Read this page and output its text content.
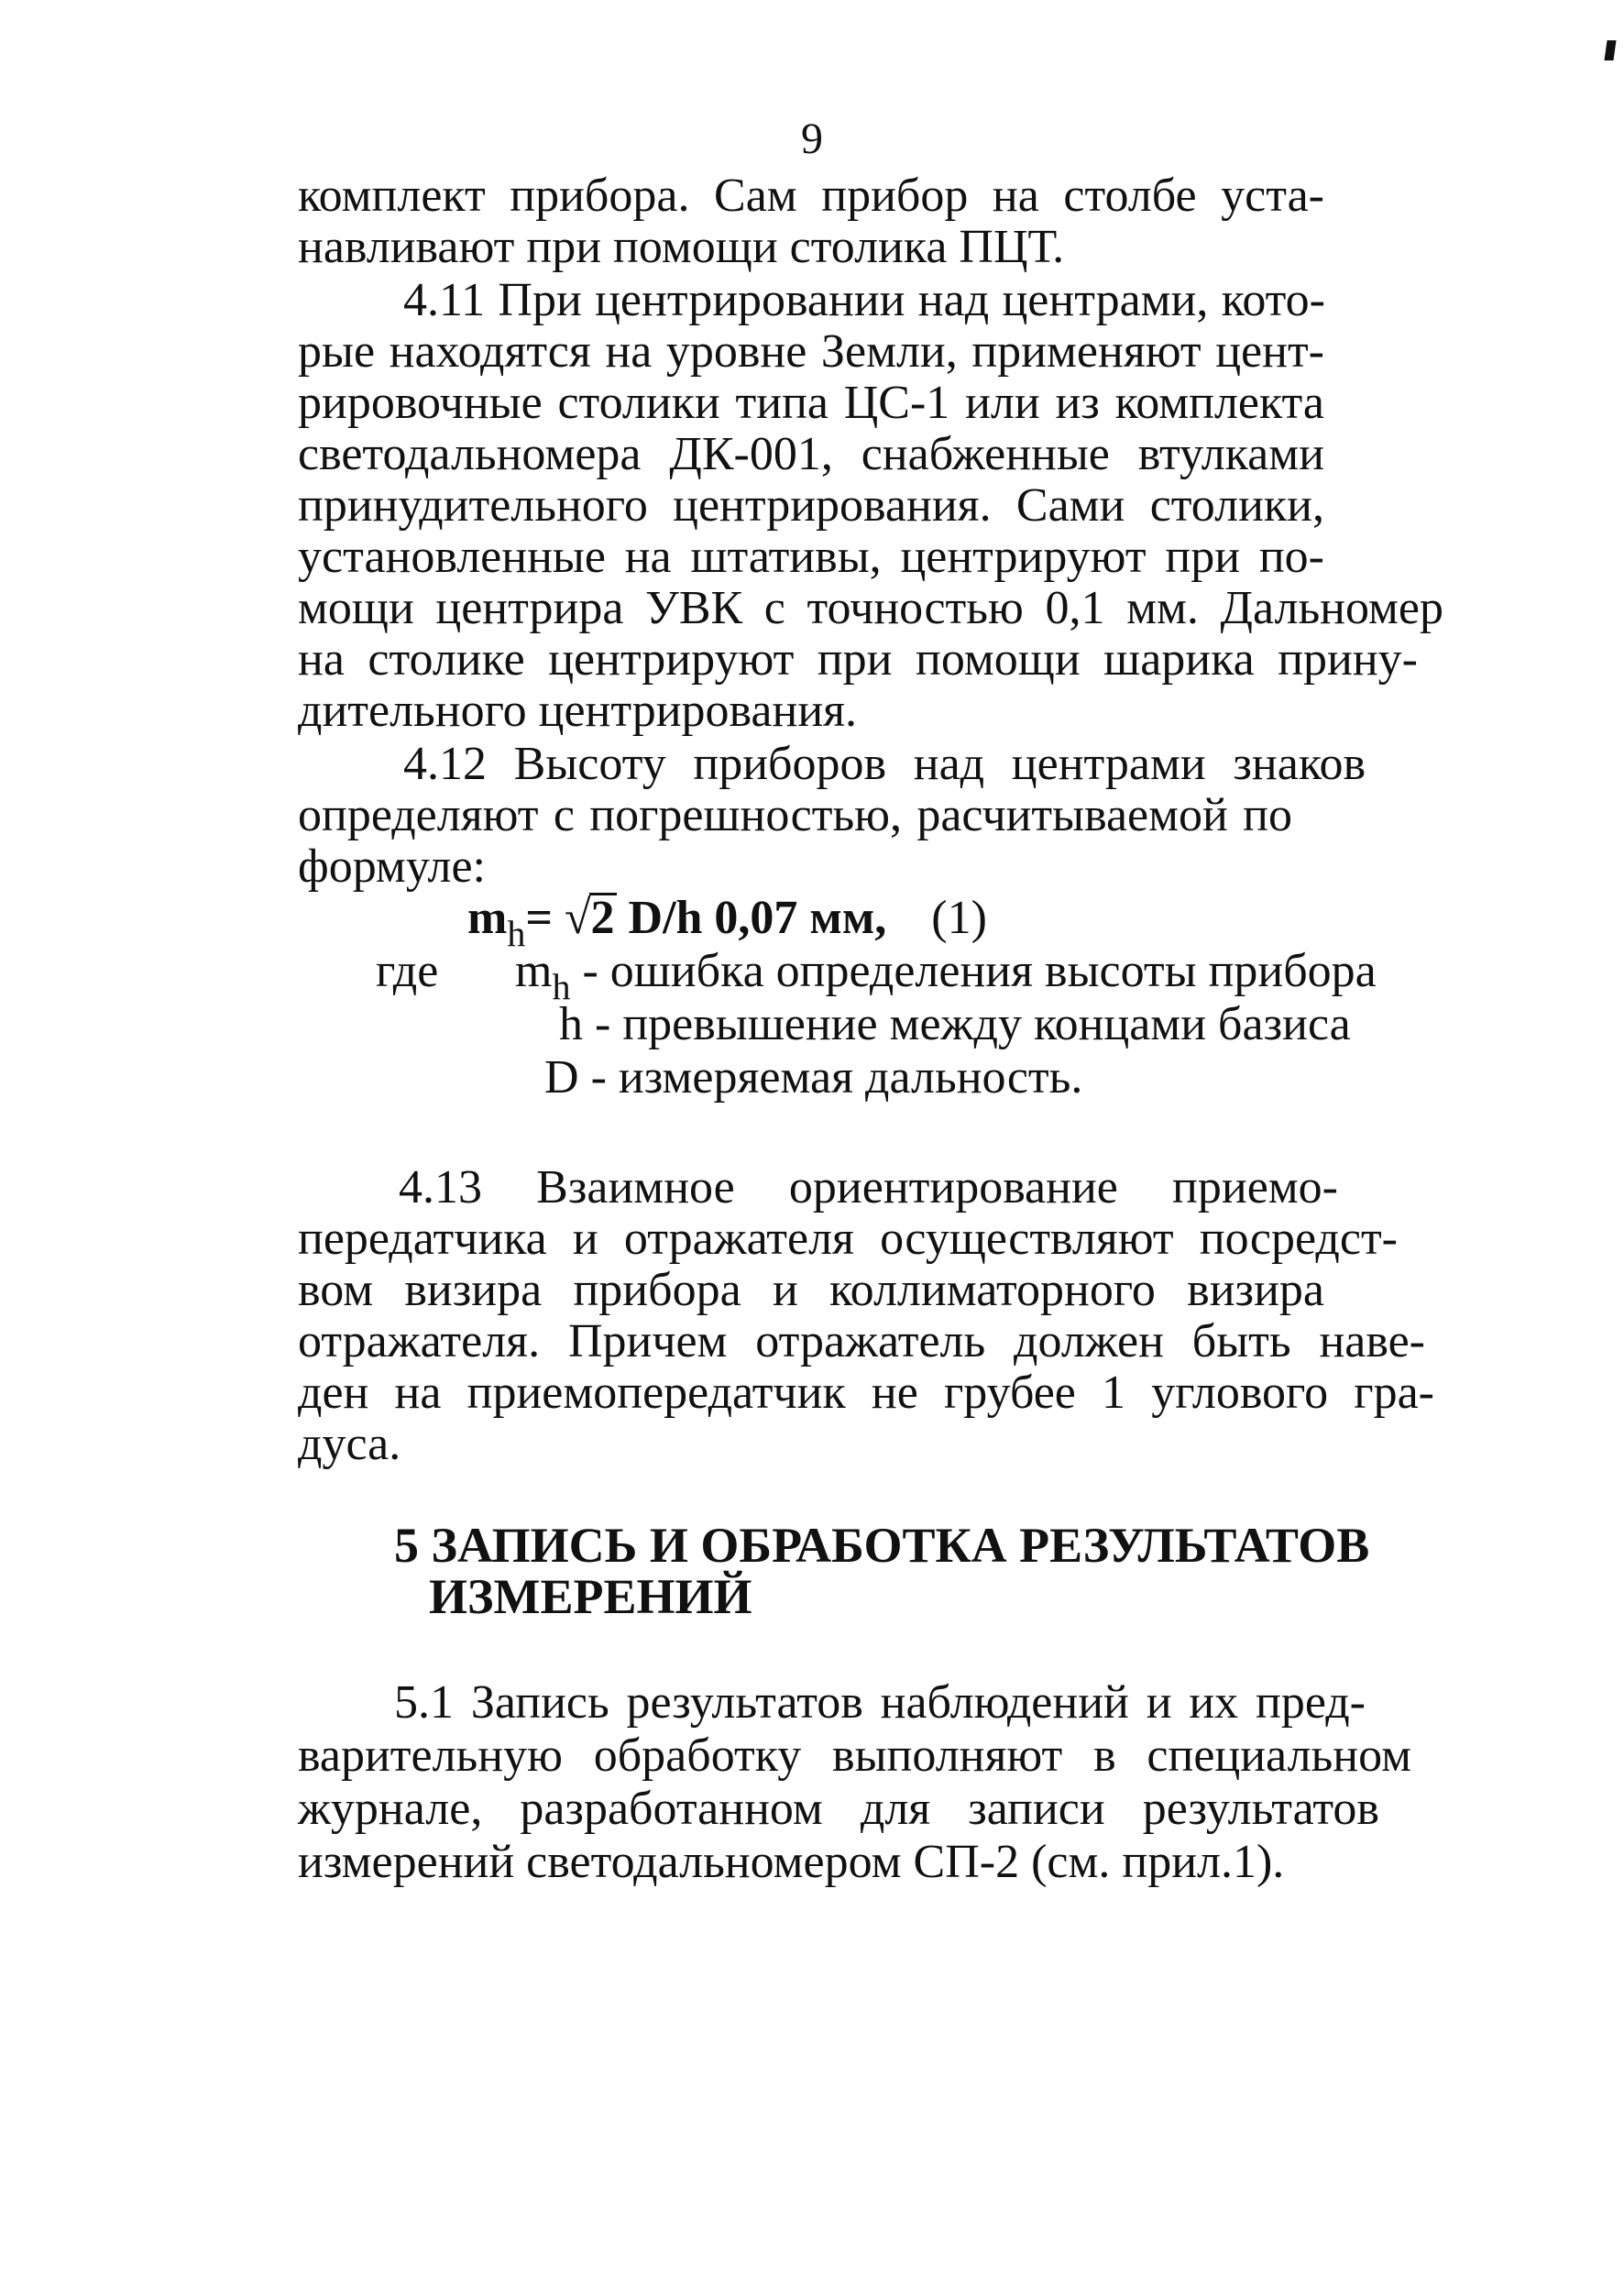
9
комплект прибора. Сам прибор на столбе уста-
навливают при помощи столика ПЦТ.
4.11 При центрировании над центрами, кото-
рые находятся на уровне Земли, применяют цент-
рировочные столики типа ЦС-1 или из комплекта
светодальномера ДК-001, снабженные втулками
принудительного центрирования. Сами столики,
установленные на штативы, центрируют при по-
мощи центрира УВК с точностью 0,1 мм. Дальномер
на столике центрируют при помощи шарика прину-
дительного центрирования.
4.12 Высоту приборов над центрами знаков
определяют с погрешностью, расчитываемой по
формуле:
$m_h= √2$ D/h 0,07 мм, (1)
где $m_h$ - ошибка определения высоты прибора
h - превышение между концами базиса
D - измеряемая дальность.
4.13 Взаимное ориентирование приемо-
передатчика и отражателя осуществляют посредст-
вом визира прибора и коллиматорного визира
отражателя. Причем отражатель должен быть наве-
ден на приемопередатчик не грубее 1 углового гра-
дуса.
5 ЗАПИСЬ И ОБРАБОТКА РЕЗУЛЬТАТОВ
ИЗМЕРЕНИЙ
5.1 Запись результатов наблюдений и их пред-
варительную обработку выполняют в специальном
журнале, разработанном для записи результатов
измерений светодальномером СП-2 (см. прил.1).
